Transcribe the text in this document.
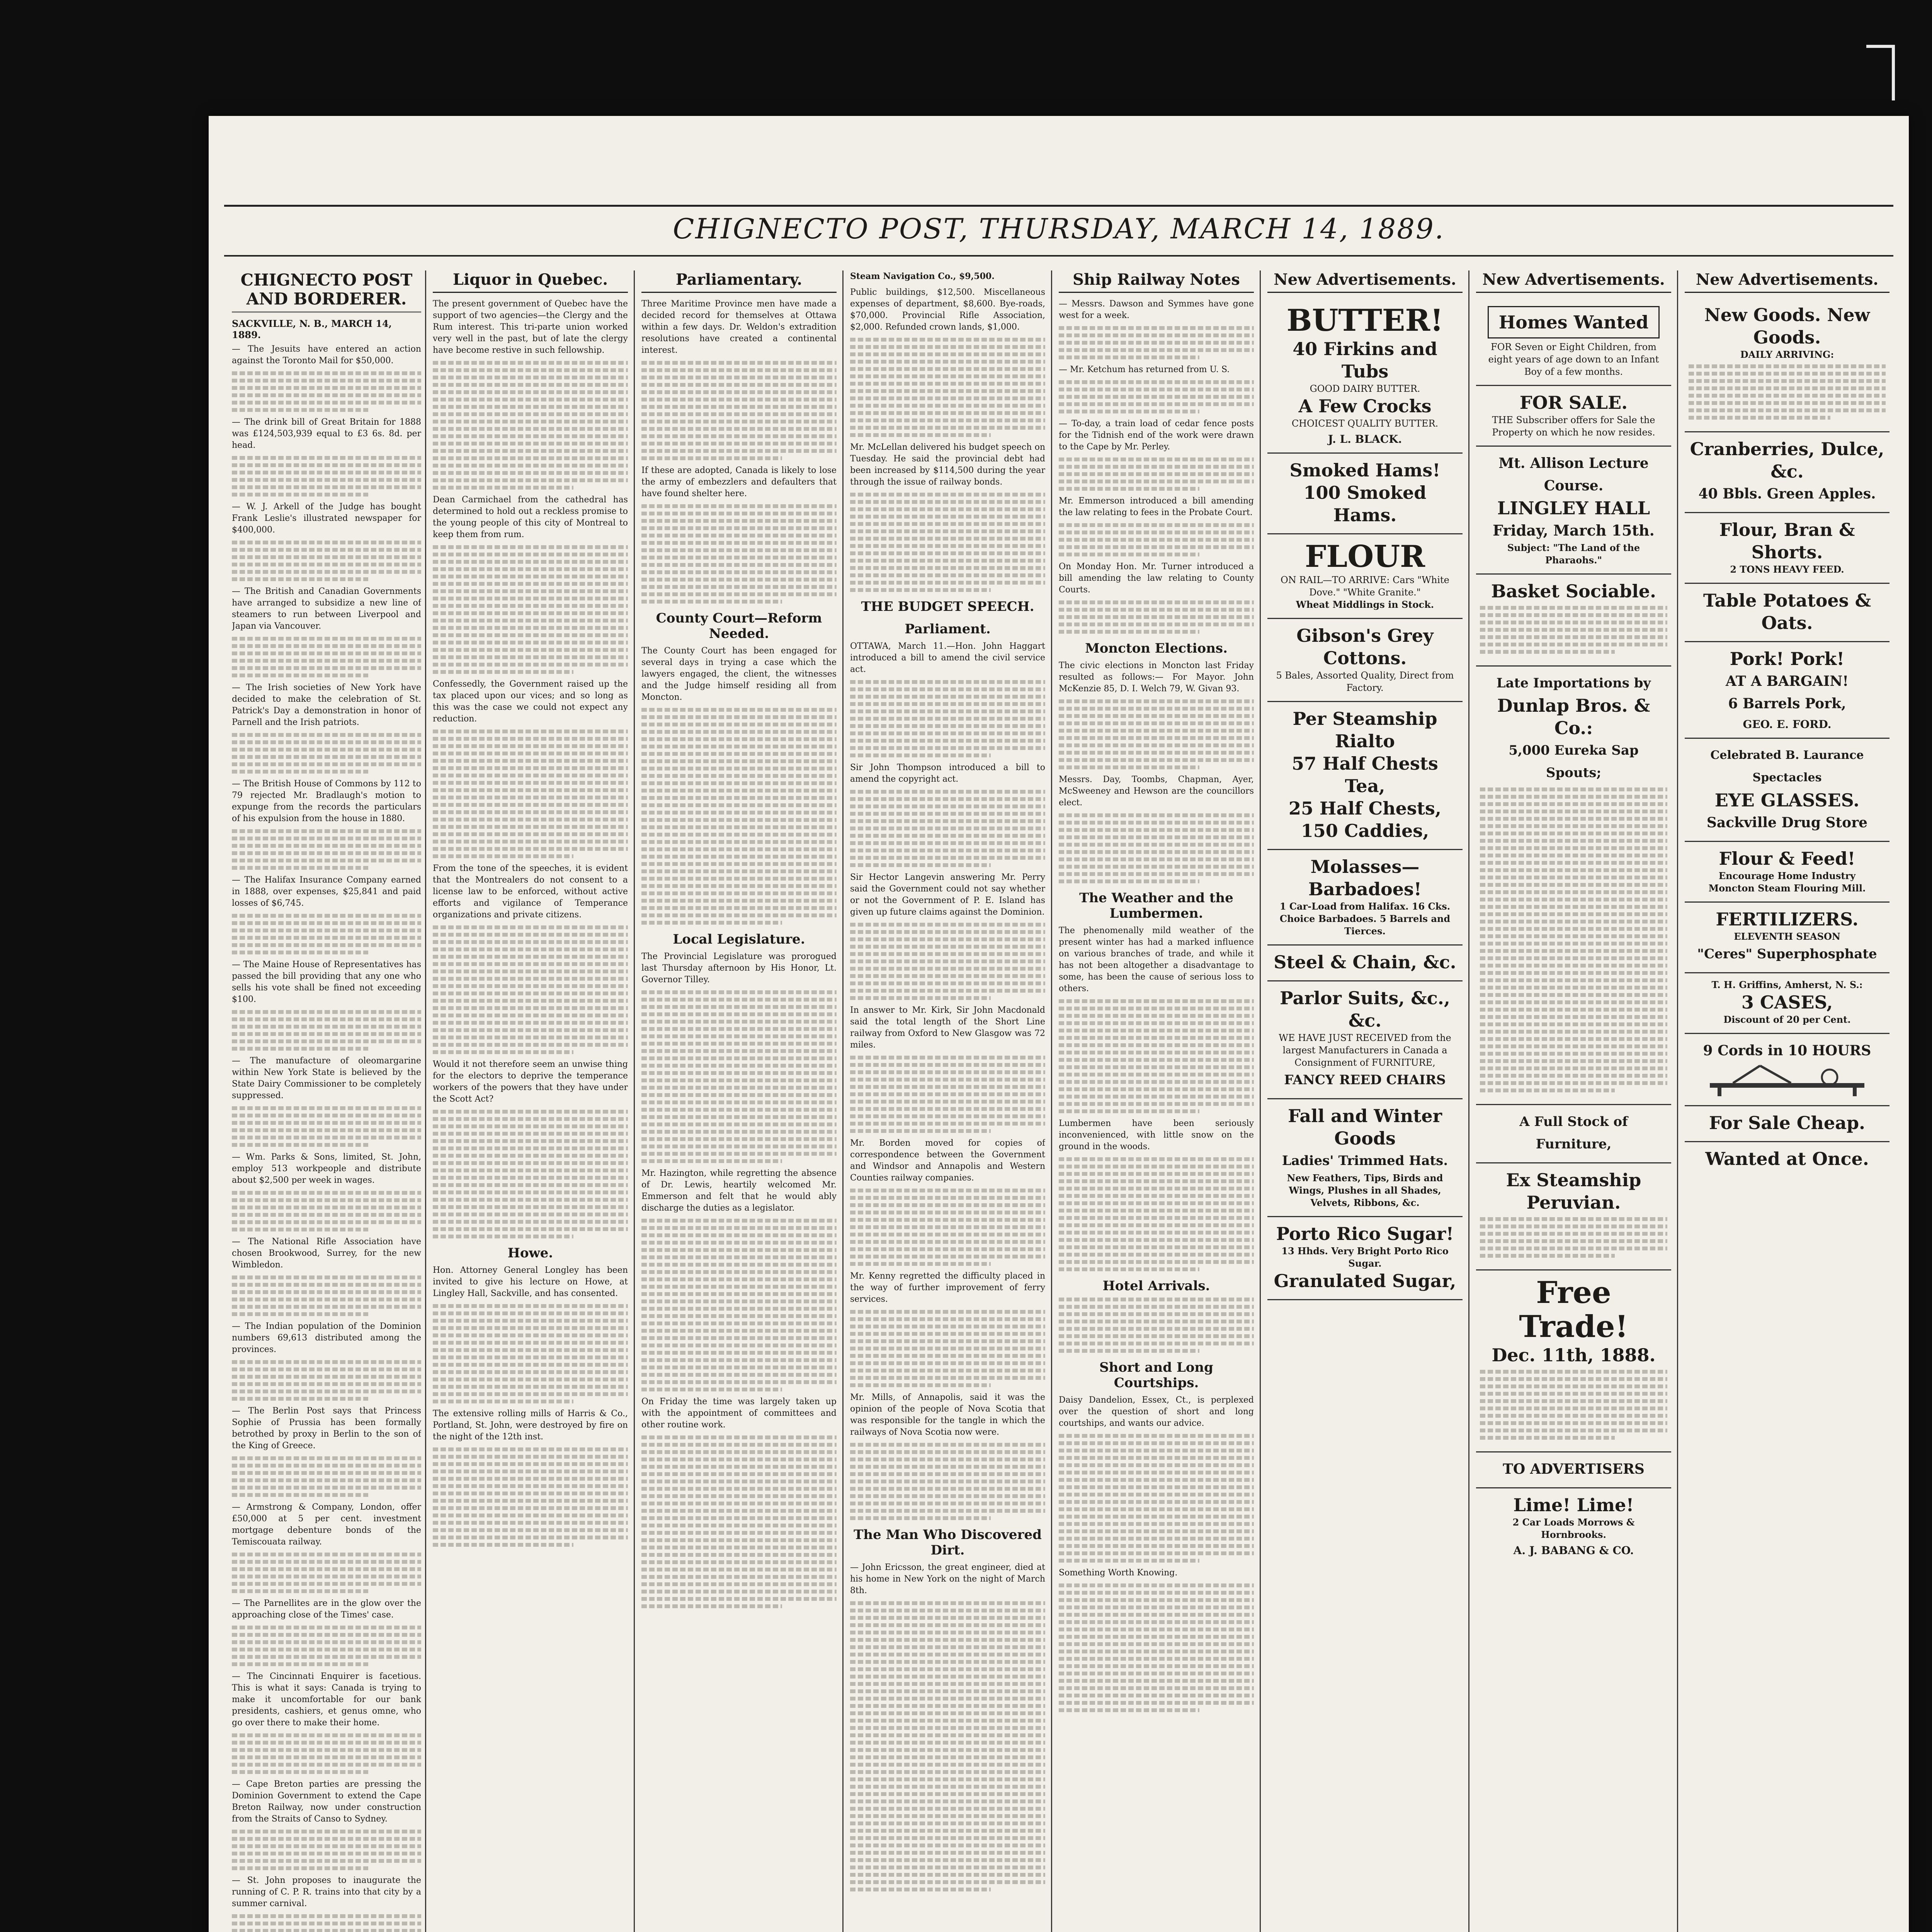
CHIGNECTO POST, THURSDAY, MARCH 14, 1889.
CHIGNECTO POST AND BORDERER.
SACKVILLE, N. B., MARCH 14, 1889.
— The Jesuits have entered an action against the Toronto Mail for $50,000.
— The drink bill of Great Britain for 1888 was £124,503,939 equal to £3 6s. 8d. per head.
— W. J. Arkell of the Judge has bought Frank Leslie's illustrated newspaper for $400,000.
— The British and Canadian Governments have arranged to subsidize a new line of steamers to run between Liverpool and Japan via Vancouver.
— The Irish societies of New York have decided to make the celebration of St. Patrick's Day a demonstration in honor of Parnell and the Irish patriots.
— The British House of Commons by 112 to 79 rejected Mr. Bradlaugh's motion to expunge from the records the particulars of his expulsion from the house in 1880.
— The Halifax Insurance Company earned in 1888, over expenses, $25,841 and paid losses of $6,745.
— The Maine House of Representatives has passed the bill providing that any one who sells his vote shall be fined not exceeding $100.
— The manufacture of oleomargarine within New York State is believed by the State Dairy Commissioner to be completely suppressed.
— Wm. Parks & Sons, limited, St. John, employ 513 workpeople and distribute about $2,500 per week in wages.
— The National Rifle Association have chosen Brookwood, Surrey, for the new Wimbledon.
— The Indian population of the Dominion numbers 69,613 distributed among the provinces.
— The Berlin Post says that Princess Sophie of Prussia has been formally betrothed by proxy in Berlin to the son of the King of Greece.
— Armstrong & Company, London, offer £50,000 at 5 per cent. investment mortgage debenture bonds of the Temiscouata railway.
— The Parnellites are in the glow over the approaching close of the Times' case.
— The Cincinnati Enquirer is facetious. This is what it says: Canada is trying to make it uncomfortable for our bank presidents, cashiers, et genus omne, who go over there to make their home.
— Cape Breton parties are pressing the Dominion Government to extend the Cape Breton Railway, now under construction from the Straits of Canso to Sydney.
— St. John proposes to inaugurate the running of C. P. R. trains into that city by a summer carnival.
Liquor in Quebec.
The present government of Quebec have the support of two agencies—the Clergy and the Rum interest. This tri-parte union worked very well in the past, but of late the clergy have become restive in such fellowship.
Dean Carmichael from the cathedral has determined to hold out a reckless promise to the young people of this city of Montreal to keep them from rum.
Confessedly, the Government raised up the tax placed upon our vices; and so long as this was the case we could not expect any reduction.
From the tone of the speeches, it is evident that the Montrealers do not consent to a license law to be enforced, without active efforts and vigilance of Temperance organizations and private citizens.
Would it not therefore seem an unwise thing for the electors to deprive the temperance workers of the powers that they have under the Scott Act?
Howe.
Hon. Attorney General Longley has been invited to give his lecture on Howe, at Lingley Hall, Sackville, and has consented.
The extensive rolling mills of Harris & Co., Portland, St. John, were destroyed by fire on the night of the 12th inst.
Parliamentary.
Three Maritime Province men have made a decided record for themselves at Ottawa within a few days. Dr. Weldon's extradition resolutions have created a continental interest.
If these are adopted, Canada is likely to lose the army of embezzlers and defaulters that have found shelter here.
County Court—Reform Needed.
The County Court has been engaged for several days in trying a case which the lawyers engaged, the client, the witnesses and the Judge himself residing all from Moncton.
Local Legislature.
The Provincial Legislature was prorogued last Thursday afternoon by His Honor, Lt. Governor Tilley.
Mr. Hazington, while regretting the absence of Dr. Lewis, heartily welcomed Mr. Emmerson and felt that he would ably discharge the duties as a legislator.
On Friday the time was largely taken up with the appointment of committees and other routine work.
Steam Navigation Co., $9,500.
Public buildings, $12,500. Miscellaneous expenses of department, $8,600. Bye-roads, $70,000. Provincial Rifle Association, $2,000. Refunded crown lands, $1,000.
Mr. McLellan delivered his budget speech on Tuesday. He said the provincial debt had been increased by $114,500 during the year through the issue of railway bonds.
THE BUDGET SPEECH.
Parliament.
OTTAWA, March 11.—Hon. John Haggart introduced a bill to amend the civil service act.
Sir John Thompson introduced a bill to amend the copyright act.
Sir Hector Langevin answering Mr. Perry said the Government could not say whether or not the Government of P. E. Island has given up future claims against the Dominion.
In answer to Mr. Kirk, Sir John Macdonald said the total length of the Short Line railway from Oxford to New Glasgow was 72 miles.
Mr. Borden moved for copies of correspondence between the Government and Windsor and Annapolis and Western Counties railway companies.
Mr. Kenny regretted the difficulty placed in the way of further improvement of ferry services.
Mr. Mills, of Annapolis, said it was the opinion of the people of Nova Scotia that was responsible for the tangle in which the railways of Nova Scotia now were.
The Man Who Discovered Dirt.
— John Ericsson, the great engineer, died at his home in New York on the night of March 8th.
Ship Railway Notes
— Messrs. Dawson and Symmes have gone west for a week.
— Mr. Ketchum has returned from U. S.
— To-day, a train load of cedar fence posts for the Tidnish end of the work were drawn to the Cape by Mr. Perley.
Mr. Emmerson introduced a bill amending the law relating to fees in the Probate Court.
On Monday Hon. Mr. Turner introduced a bill amending the law relating to County Courts.
Moncton Elections.
The civic elections in Moncton last Friday resulted as follows:— For Mayor. John McKenzie 85, D. I. Welch 79, W. Givan 93.
Messrs. Day, Toombs, Chapman, Ayer, McSweeney and Hewson are the councillors elect.
The Weather and the Lumbermen.
The phenomenally mild weather of the present winter has had a marked influence on various branches of trade, and while it has not been altogether a disadvantage to some, has been the cause of serious loss to others.
Lumbermen have been seriously inconvenienced, with little snow on the ground in the woods.
Hotel Arrivals.
Short and Long Courtships.
Daisy Dandelion, Essex, Ct., is perplexed over the question of short and long courtships, and wants our advice.
Something Worth Knowing.
New Advertisements.
BUTTER!
40 Firkins and Tubs
GOOD DAIRY BUTTER.
A Few Crocks
CHOICEST QUALITY BUTTER.
J. L. BLACK.
Smoked Hams!
100 Smoked Hams.
FLOUR
ON RAIL—TO ARRIVE: Cars "White Dove." "White Granite."
Wheat Middlings in Stock.
Gibson's Grey Cottons.
5 Bales, Assorted Quality, Direct from Factory.
Per Steamship Rialto
57 Half Chests Tea,
25 Half Chests, 150 Caddies,
Molasses—Barbadoes!
1 Car-Load from Halifax. 16 Cks. Choice Barbadoes. 5 Barrels and Tierces.
Steel & Chain, &c.
Parlor Suits, &c., &c.
WE HAVE JUST RECEIVED from the largest Manufacturers in Canada a Consignment of FURNITURE,
FANCY REED CHAIRS
Fall and Winter Goods
Ladies' Trimmed Hats.
New Feathers, Tips, Birds and Wings, Plushes in all Shades, Velvets, Ribbons, &c.
Porto Rico Sugar!
13 Hhds. Very Bright Porto Rico Sugar.
Granulated Sugar,
New Advertisements.
Homes Wanted
FOR Seven or Eight Children, from eight years of age down to an Infant Boy of a few months.
FOR SALE.
THE Subscriber offers for Sale the Property on which he now resides.
Mt. Allison Lecture Course.
LINGLEY HALL
Friday, March 15th.
Subject: "The Land of the Pharaohs."
Basket Sociable.
Late Importations by
Dunlap Bros. & Co.:
5,000 Eureka Sap Spouts;
A Full Stock of Furniture,
Ex Steamship Peruvian.
Free Trade!
Dec. 11th, 1888.
TO ADVERTISERS
Lime! Lime!
2 Car Loads Morrows & Hornbrooks.
A. J. BABANG & CO.
New Advertisements.
New Goods. New Goods.
DAILY ARRIVING:
Cranberries, Dulce, &c.
40 Bbls. Green Apples.
Flour, Bran & Shorts.
2 TONS HEAVY FEED.
Table Potatoes & Oats.
Pork! Pork!
AT A BARGAIN!
6 Barrels Pork,
GEO. E. FORD.
Celebrated B. Laurance Spectacles
EYE GLASSES.
Sackville Drug Store
Flour & Feed!
Encourage Home Industry
Moncton Steam Flouring Mill.
FERTILIZERS.
ELEVENTH SEASON
"Ceres" Superphosphate
T. H. Griffins, Amherst, N. S.:
3 CASES,
Discount of 20 per Cent.
9 Cords in 10 HOURS
For Sale Cheap.
Wanted at Once.
